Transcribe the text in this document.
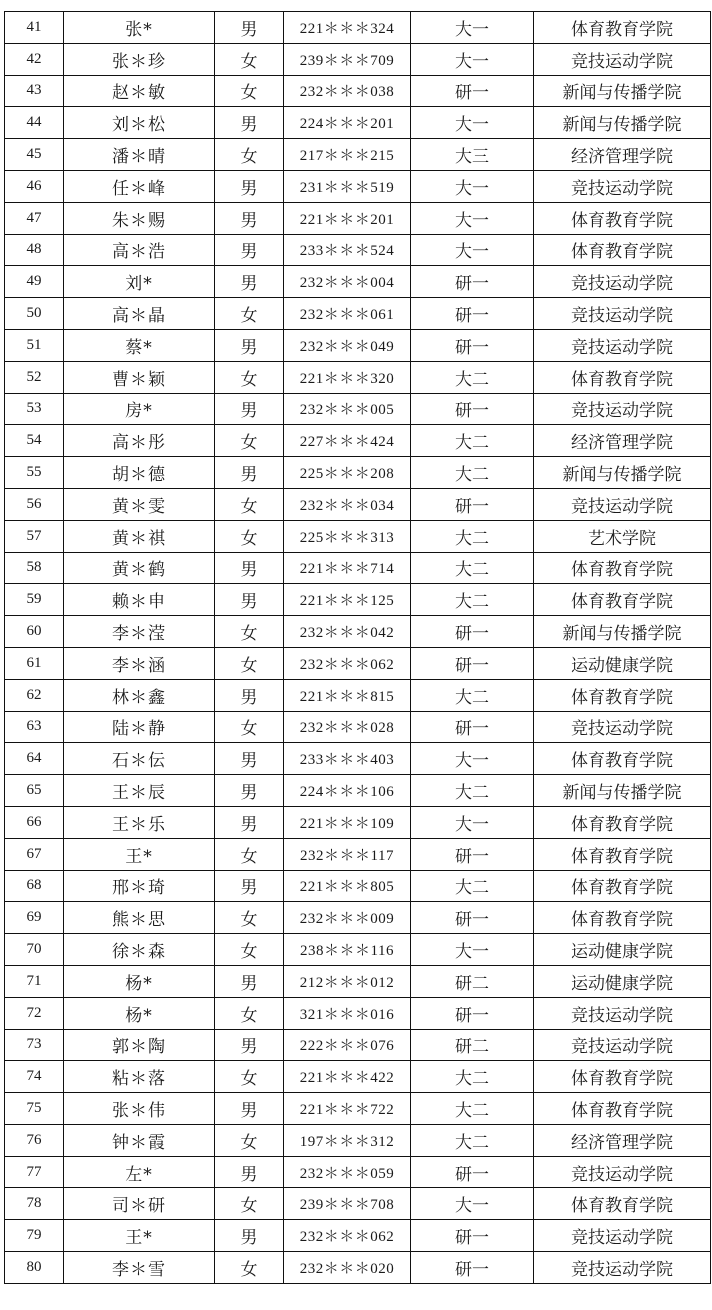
41	张*	男	221＊＊＊324	大一	体育教育学院
42	张＊珍	女	239＊＊＊709	大一	竞技运动学院
43	赵＊敏	女	232＊＊＊038	研一	新闻与传播学院
44	刘＊松	男	224＊＊＊201	大一	新闻与传播学院
45	潘＊晴	女	217＊＊＊215	大三	经济管理学院
46	任＊峰	男	231＊＊＊519	大一	竞技运动学院
47	朱＊赐	男	221＊＊＊201	大一	体育教育学院
48	高＊浩	男	233＊＊＊524	大一	体育教育学院
49	刘*	男	232＊＊＊004	研一	竞技运动学院
50	高＊晶	女	232＊＊＊061	研一	竞技运动学院
51	蔡*	男	232＊＊＊049	研一	竞技运动学院
52	曹＊颖	女	221＊＊＊320	大二	体育教育学院
53	房*	男	232＊＊＊005	研一	竞技运动学院
54	高＊彤	女	227＊＊＊424	大二	经济管理学院
55	胡＊德	男	225＊＊＊208	大二	新闻与传播学院
56	黄＊雯	女	232＊＊＊034	研一	竞技运动学院
57	黄＊祺	女	225＊＊＊313	大二	艺术学院
58	黄＊鹤	男	221＊＊＊714	大二	体育教育学院
59	赖＊申	男	221＊＊＊125	大二	体育教育学院
60	李＊滢	女	232＊＊＊042	研一	新闻与传播学院
61	李＊涵	女	232＊＊＊062	研一	运动健康学院
62	林＊鑫	男	221＊＊＊815	大二	体育教育学院
63	陆＊静	女	232＊＊＊028	研一	竞技运动学院
64	石＊伝	男	233＊＊＊403	大一	体育教育学院
65	王＊辰	男	224＊＊＊106	大二	新闻与传播学院
66	王＊乐	男	221＊＊＊109	大一	体育教育学院
67	王*	女	232＊＊＊117	研一	体育教育学院
68	邢＊琦	男	221＊＊＊805	大二	体育教育学院
69	熊＊思	女	232＊＊＊009	研一	体育教育学院
70	徐＊森	女	238＊＊＊116	大一	运动健康学院
71	杨*	男	212＊＊＊012	研二	运动健康学院
72	杨*	女	321＊＊＊016	研一	竞技运动学院
73	郭＊陶	男	222＊＊＊076	研二	竞技运动学院
74	粘＊落	女	221＊＊＊422	大二	体育教育学院
75	张＊伟	男	221＊＊＊722	大二	体育教育学院
76	钟＊霞	女	197＊＊＊312	大二	经济管理学院
77	左*	男	232＊＊＊059	研一	竞技运动学院
78	司＊研	女	239＊＊＊708	大一	体育教育学院
79	王*	男	232＊＊＊062	研一	竞技运动学院
80	李＊雪	女	232＊＊＊020	研一	竞技运动学院
